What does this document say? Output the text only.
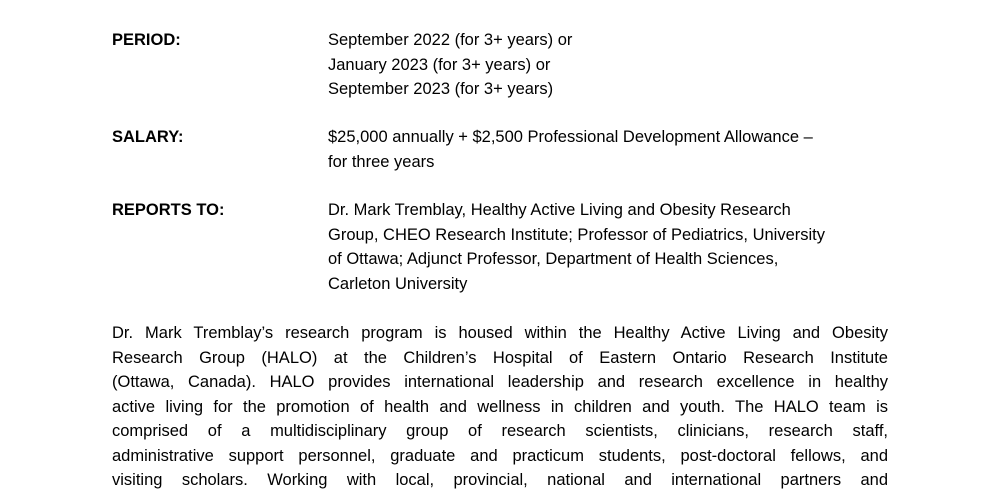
PERIOD:	September 2022 (for 3+ years) or
January 2023 (for 3+ years) or
September 2023 (for 3+ years)
SALARY:	$25,000 annually + $2,500 Professional Development Allowance –
for three years
REPORTS TO:	Dr. Mark Tremblay, Healthy Active Living and Obesity Research
Group, CHEO Research Institute; Professor of Pediatrics, University
of Ottawa; Adjunct Professor, Department of Health Sciences,
Carleton University
Dr. Mark Tremblay’s research program is housed within the Healthy Active Living and Obesity
Research Group (HALO) at the Children’s Hospital of Eastern Ontario Research Institute
(Ottawa, Canada). HALO provides international leadership and research excellence in healthy
active living for the promotion of health and wellness in children and youth. The HALO team is
comprised of a multidisciplinary group of research scientists, clinicians, research staff,
administrative support personnel, graduate and practicum students, post-doctoral fellows, and
visiting scholars. Working with local, provincial, national and international partners and
